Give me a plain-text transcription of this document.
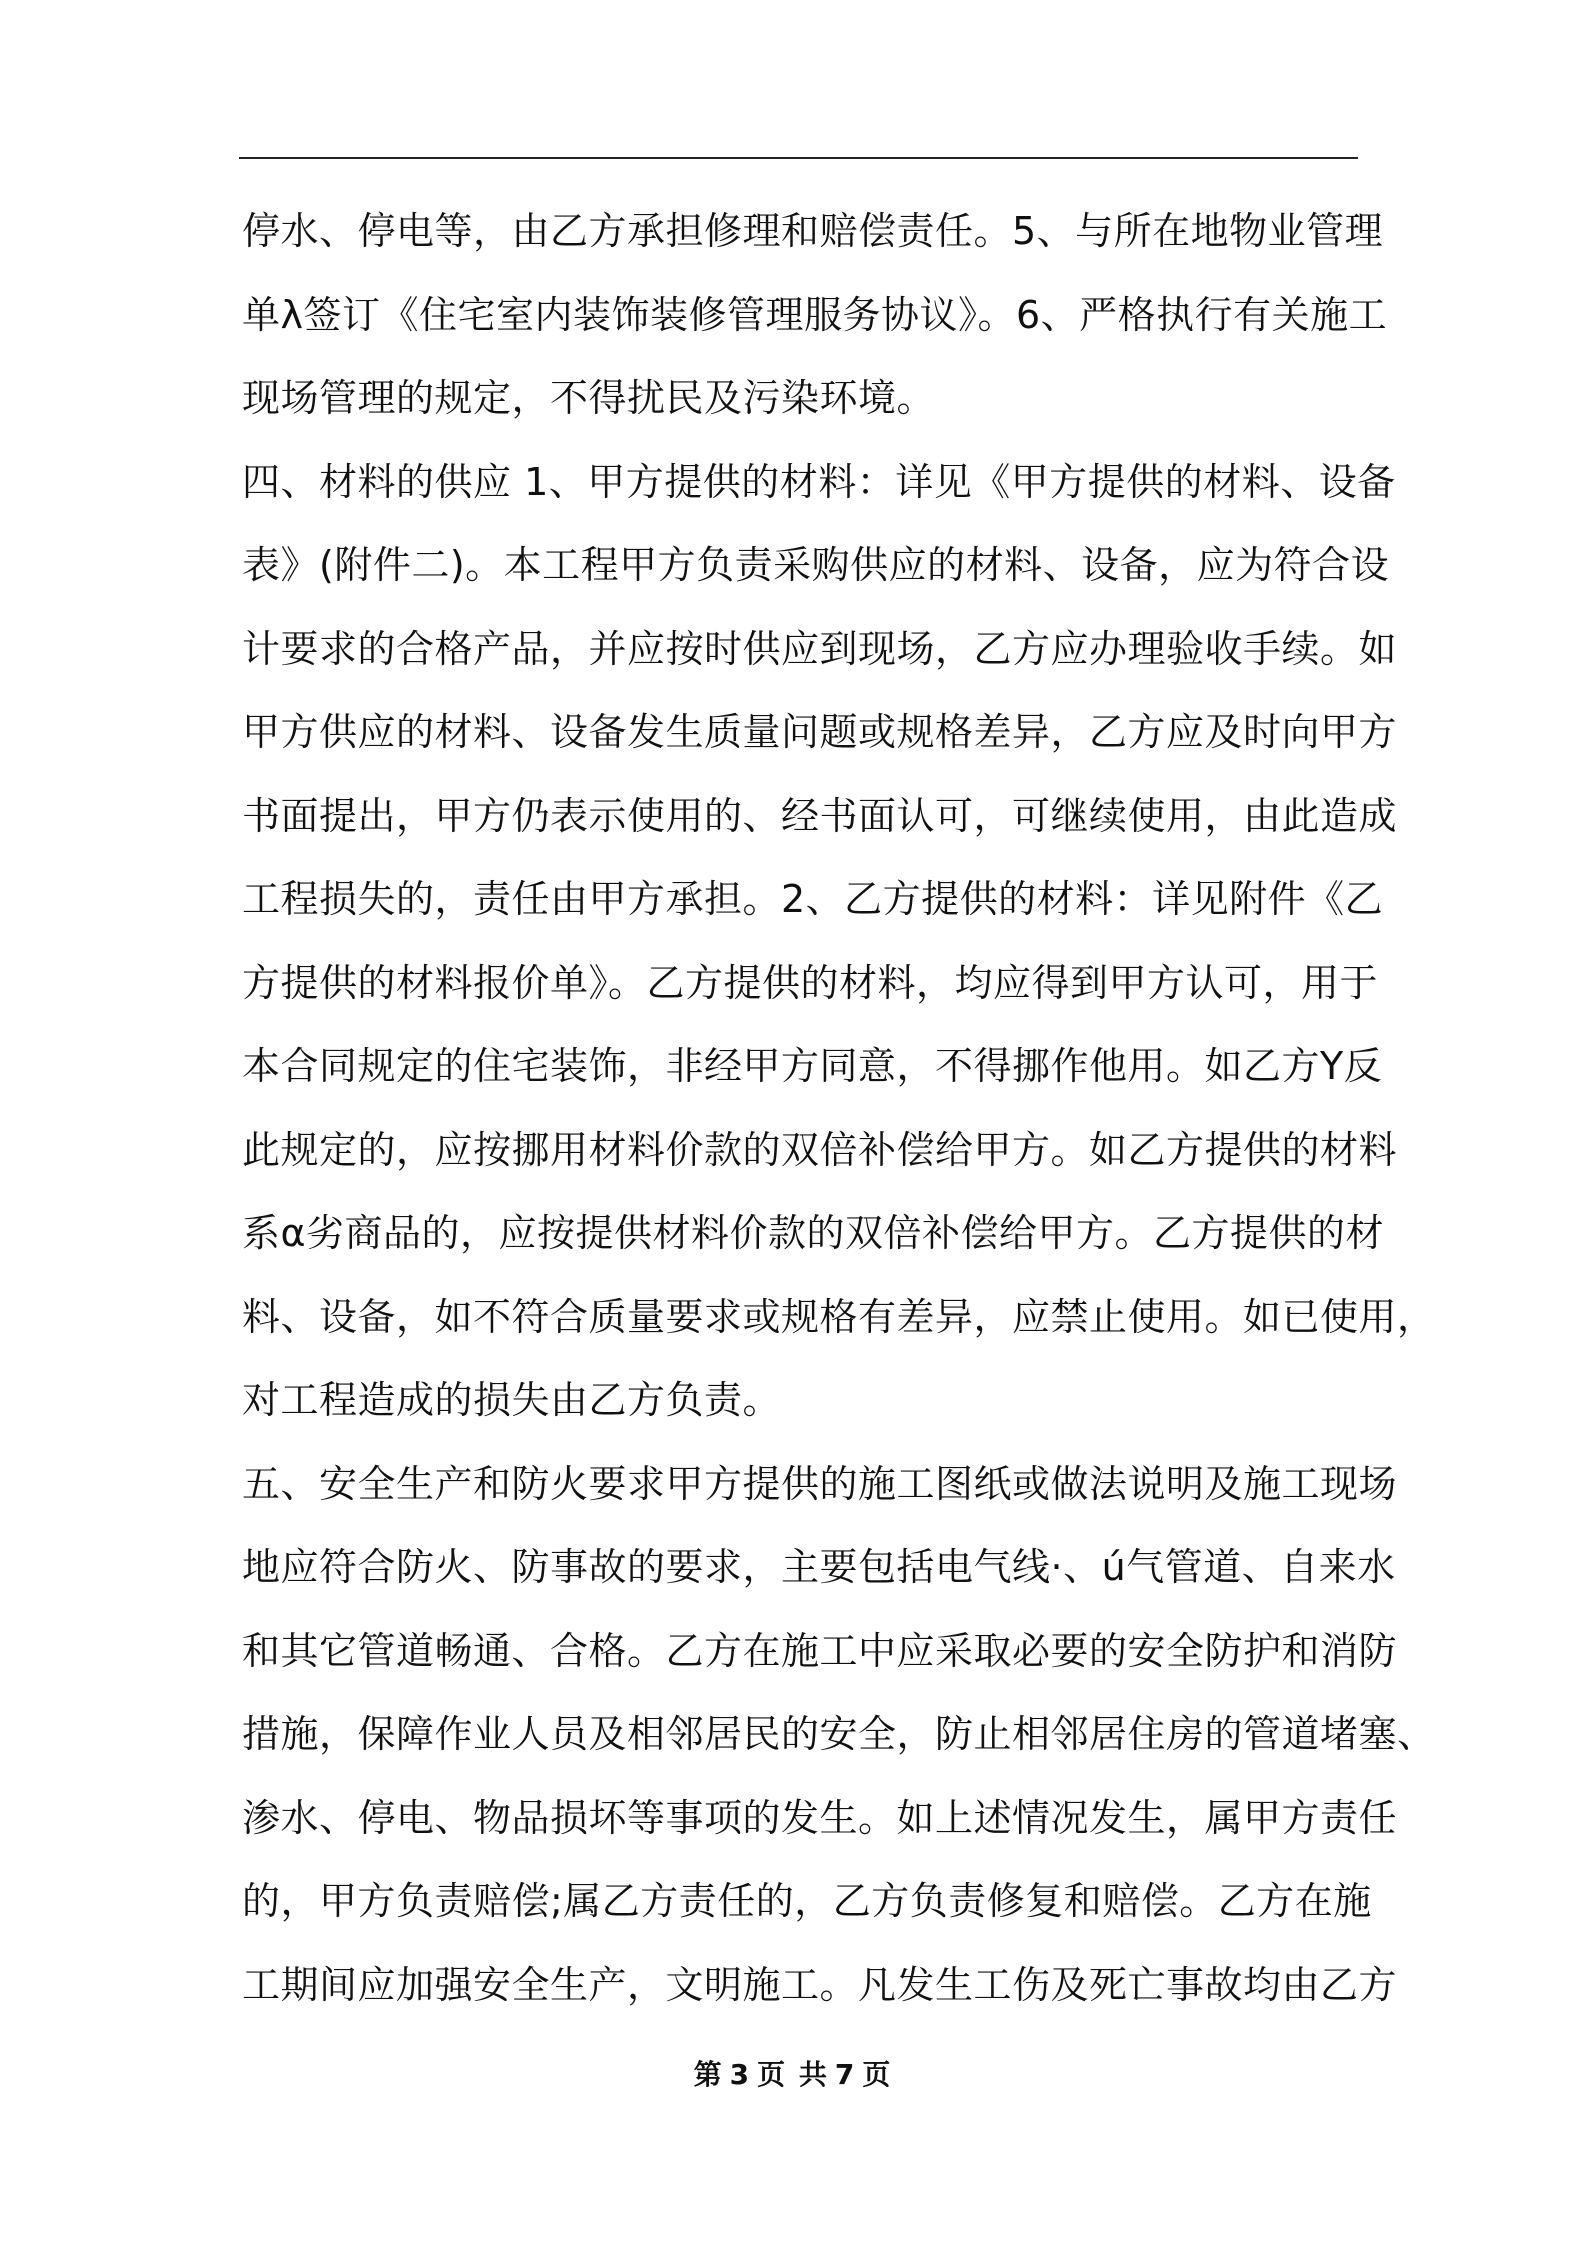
停水、停电等，由乙方承担修理和赔偿责任。5、与所在地物业管理
单λ签订《住宅室内装饰装修管理服务协议》。6、严格执行有关施工
现场管理的规定，不得扰民及污染环境。
四、材料的供应 1、甲方提供的材料：详见《甲方提供的材料、设备
表》(附件二)。本工程甲方负责采购供应的材料、设备，应为符合设
计要求的合格产品，并应按时供应到现场，乙方应办理验收手续。如
甲方供应的材料、设备发生质量问题或规格差异，乙方应及时向甲方
书面提出，甲方仍表示使用的、经书面认可，可继续使用，由此造成
工程损失的，责任由甲方承担。2、乙方提供的材料：详见附件《乙
方提供的材料报价单》。乙方提供的材料，均应得到甲方认可，用于
本合同规定的住宅装饰，非经甲方同意，不得挪作他用。如乙方Y反
此规定的，应按挪用材料价款的双倍补偿给甲方。如乙方提供的材料
系α劣商品的，应按提供材料价款的双倍补偿给甲方。乙方提供的材
料、设备，如不符合质量要求或规格有差异，应禁止使用。如已使用，
对工程造成的损失由乙方负责。
五、安全生产和防火要求甲方提供的施工图纸或做法说明及施工现场
地应符合防火、防事故的要求，主要包括电气线·、ú气管道、自来水
和其它管道畅通、合格。乙方在施工中应采取必要的安全防护和消防
措施，保障作业人员及相邻居民的安全，防止相邻居住房的管道堵塞、
渗水、停电、物品损坏等事项的发生。如上述情况发生，属甲方责任
的，甲方负责赔偿;属乙方责任的，乙方负责修复和赔偿。乙方在施
工期间应加强安全生产，文明施工。凡发生工伤及死亡事故均由乙方
第 3 页 共 7 页
